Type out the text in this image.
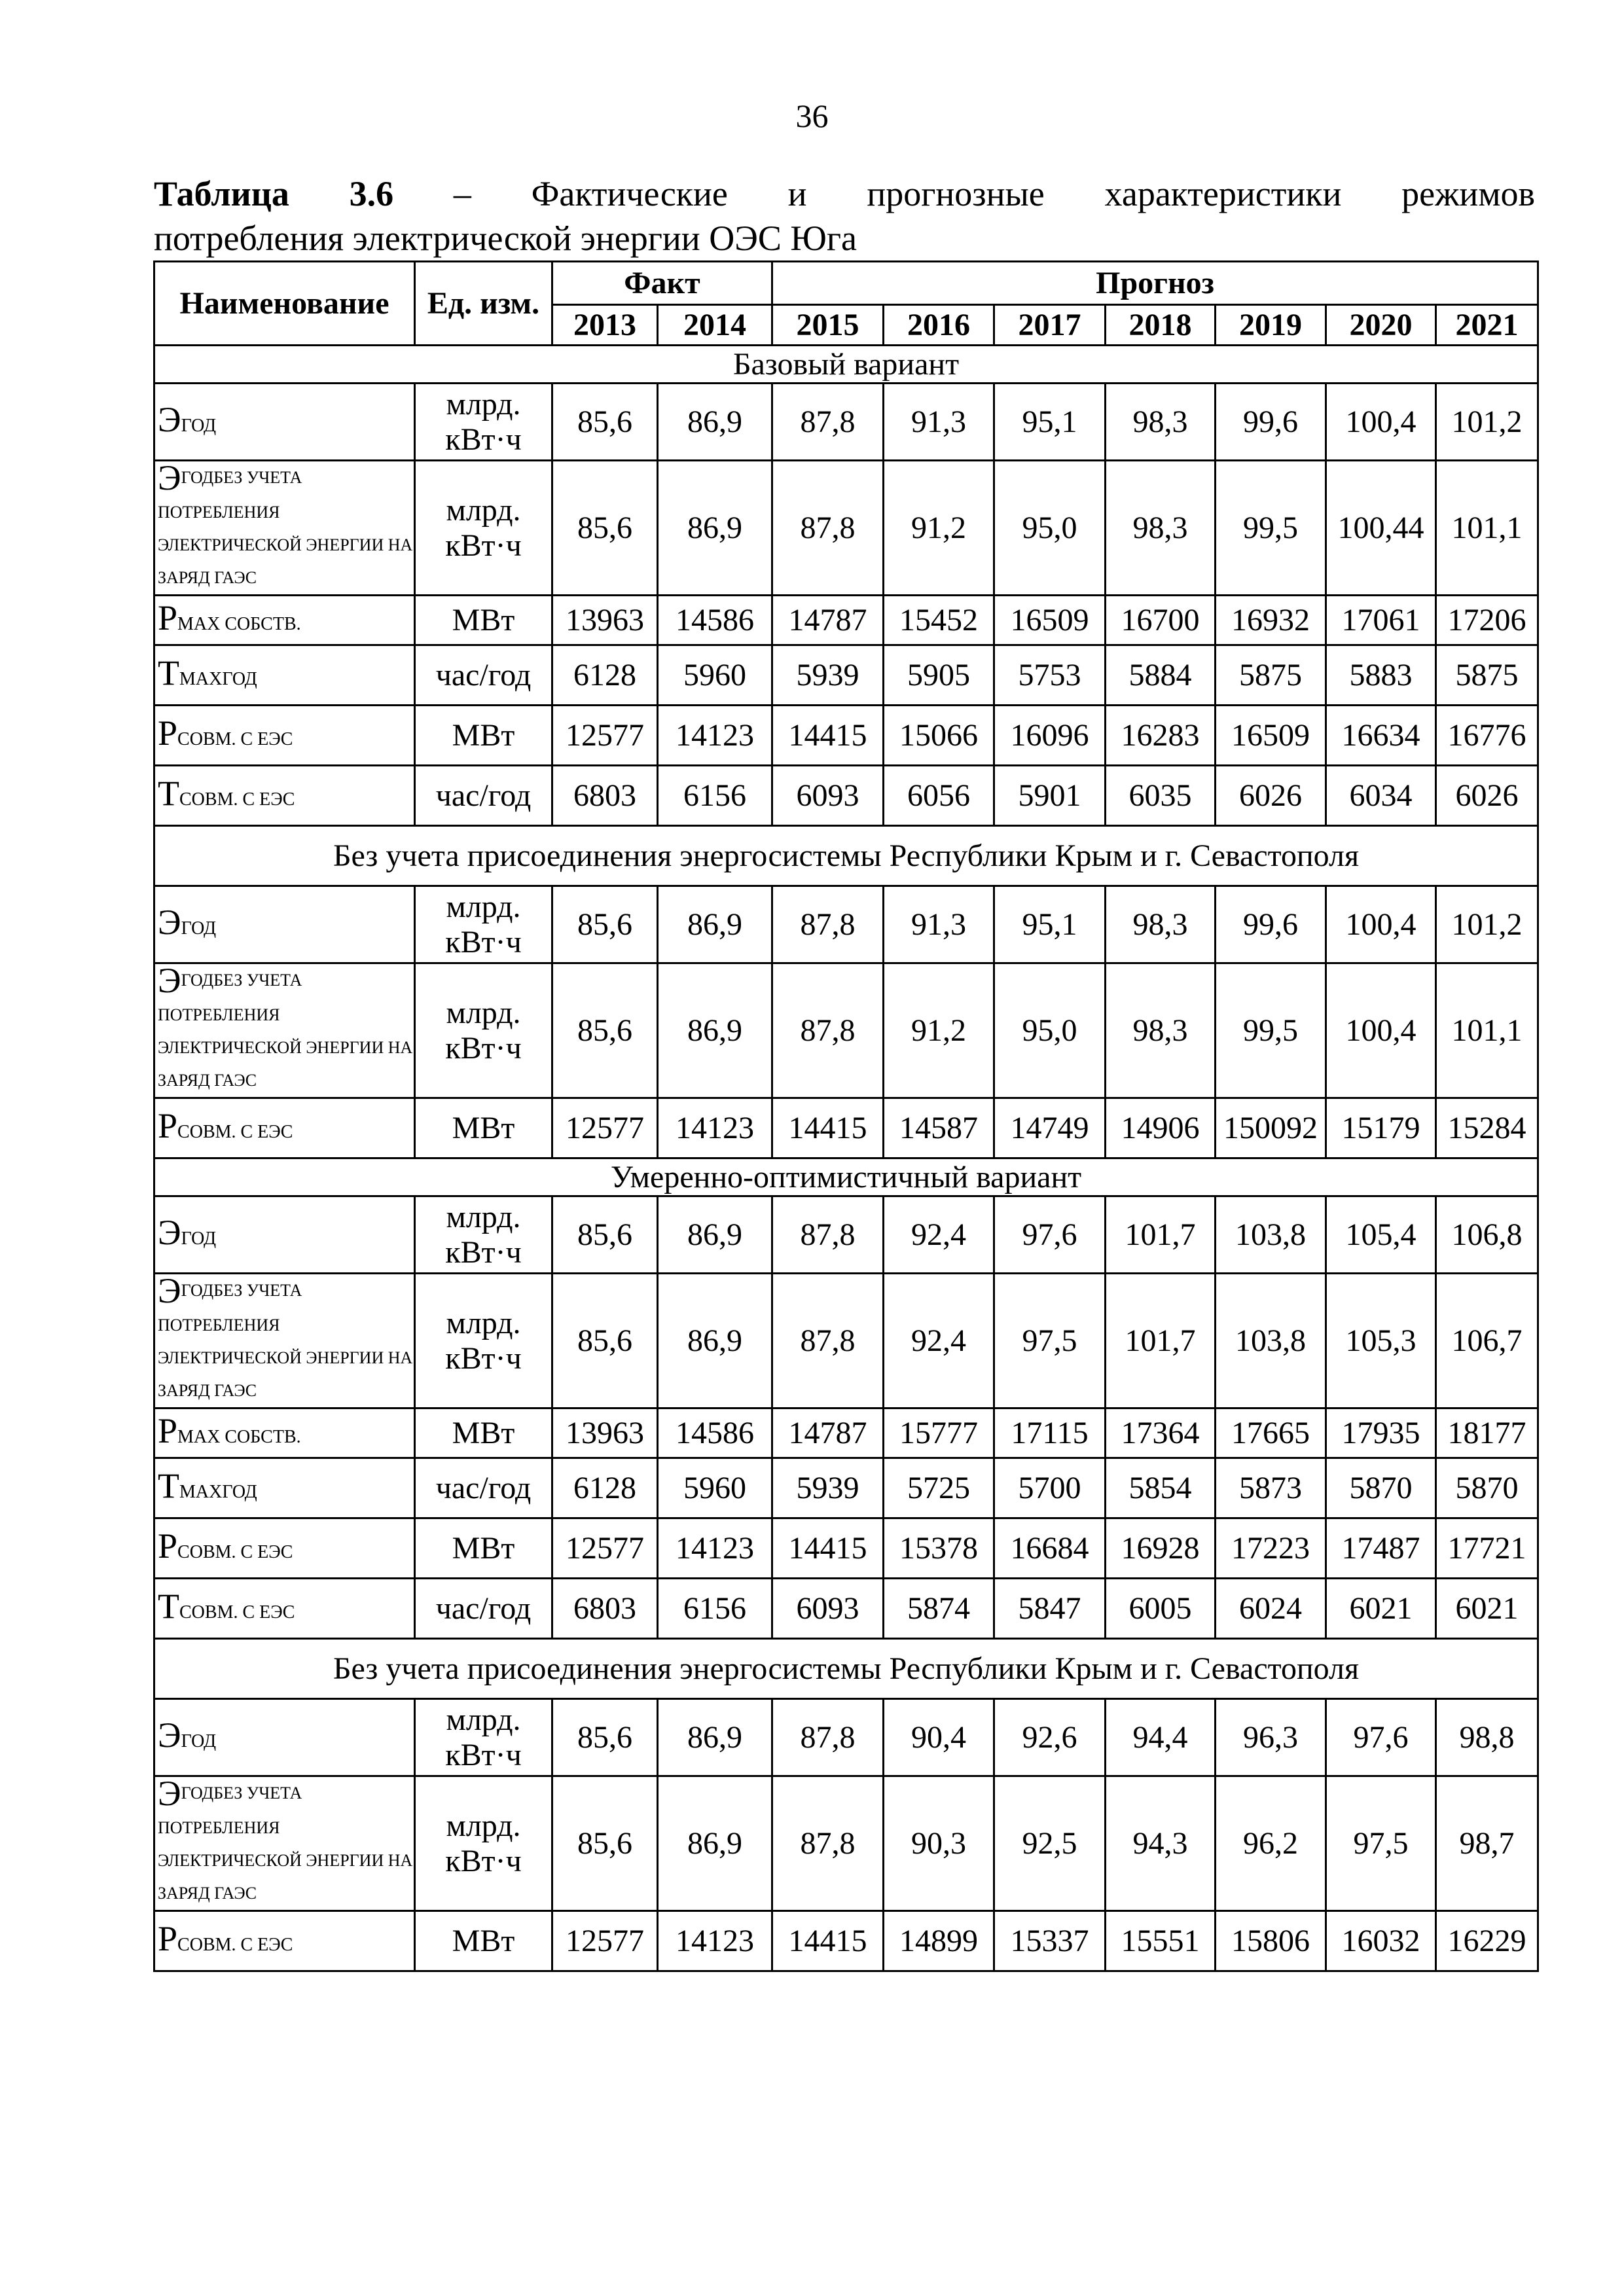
36
Таблица 3.6 – Фактические и прогнозные характеристики режимов
потребления электрической энергии ОЭС Юга
Наименование	Ед. изм.	Факт		Прогноз						
		2013	2014	2015	2016	2017	2018	2019	2020	2021
Базовый вариант										
ЭГОД	млрд. кВт·ч	85,6	86,9	87,8	91,3	95,1	98,3	99,6	100,4	101,2
$Э^{ГОДБЕЗ УЧЕТА ПОТРЕБЛЕНИЯ ЭЛЕКТРИЧЕСКОЙ ЭНЕРГИИ НА ЗАРЯД ГАЭС}$	млрд. кВт·ч	85,6	86,9	87,8	91,2	95,0	98,3	99,5	100,44	101,1
PMAX СОБСТВ.	МВт	13963	14586	14787	15452	16509	16700	16932	17061	17206
TMAXГОД	час/год	6128	5960	5939	5905	5753	5884	5875	5883	5875
PСОВМ. С ЕЭС	МВт	12577	14123	14415	15066	16096	16283	16509	16634	16776
TСОВМ. С ЕЭС	час/год	6803	6156	6093	6056	5901	6035	6026	6034	6026
Без учета присоединения энергосистемы Республики Крым и г. Севастополя										
ЭГОД	млрд. кВт·ч	85,6	86,9	87,8	91,3	95,1	98,3	99,6	100,4	101,2
$Э^{ГОДБЕЗ УЧЕТА ПОТРЕБЛЕНИЯ ЭЛЕКТРИЧЕСКОЙ ЭНЕРГИИ НА ЗАРЯД ГАЭС}$	млрд. кВт·ч	85,6	86,9	87,8	91,2	95,0	98,3	99,5	100,4	101,1
PСОВМ. С ЕЭС	МВт	12577	14123	14415	14587	14749	14906	150092	15179	15284
Умеренно-оптимистичный вариант										
ЭГОД	млрд. кВт·ч	85,6	86,9	87,8	92,4	97,6	101,7	103,8	105,4	106,8
$Э^{ГОДБЕЗ УЧЕТА ПОТРЕБЛЕНИЯ ЭЛЕКТРИЧЕСКОЙ ЭНЕРГИИ НА ЗАРЯД ГАЭС}$	млрд. кВт·ч	85,6	86,9	87,8	92,4	97,5	101,7	103,8	105,3	106,7
PMAX СОБСТВ.	МВт	13963	14586	14787	15777	17115	17364	17665	17935	18177
TMAXГОД	час/год	6128	5960	5939	5725	5700	5854	5873	5870	5870
PСОВМ. С ЕЭС	МВт	12577	14123	14415	15378	16684	16928	17223	17487	17721
TСОВМ. С ЕЭС	час/год	6803	6156	6093	5874	5847	6005	6024	6021	6021
Без учета присоединения энергосистемы Республики Крым и г. Севастополя										
ЭГОД	млрд. кВт·ч	85,6	86,9	87,8	90,4	92,6	94,4	96,3	97,6	98,8
$Э^{ГОДБЕЗ УЧЕТА ПОТРЕБЛЕНИЯ ЭЛЕКТРИЧЕСКОЙ ЭНЕРГИИ НА ЗАРЯД ГАЭС}$	млрд. кВт·ч	85,6	86,9	87,8	90,3	92,5	94,3	96,2	97,5	98,7
PСОВМ. С ЕЭС	МВт	12577	14123	14415	14899	15337	15551	15806	16032	16229
